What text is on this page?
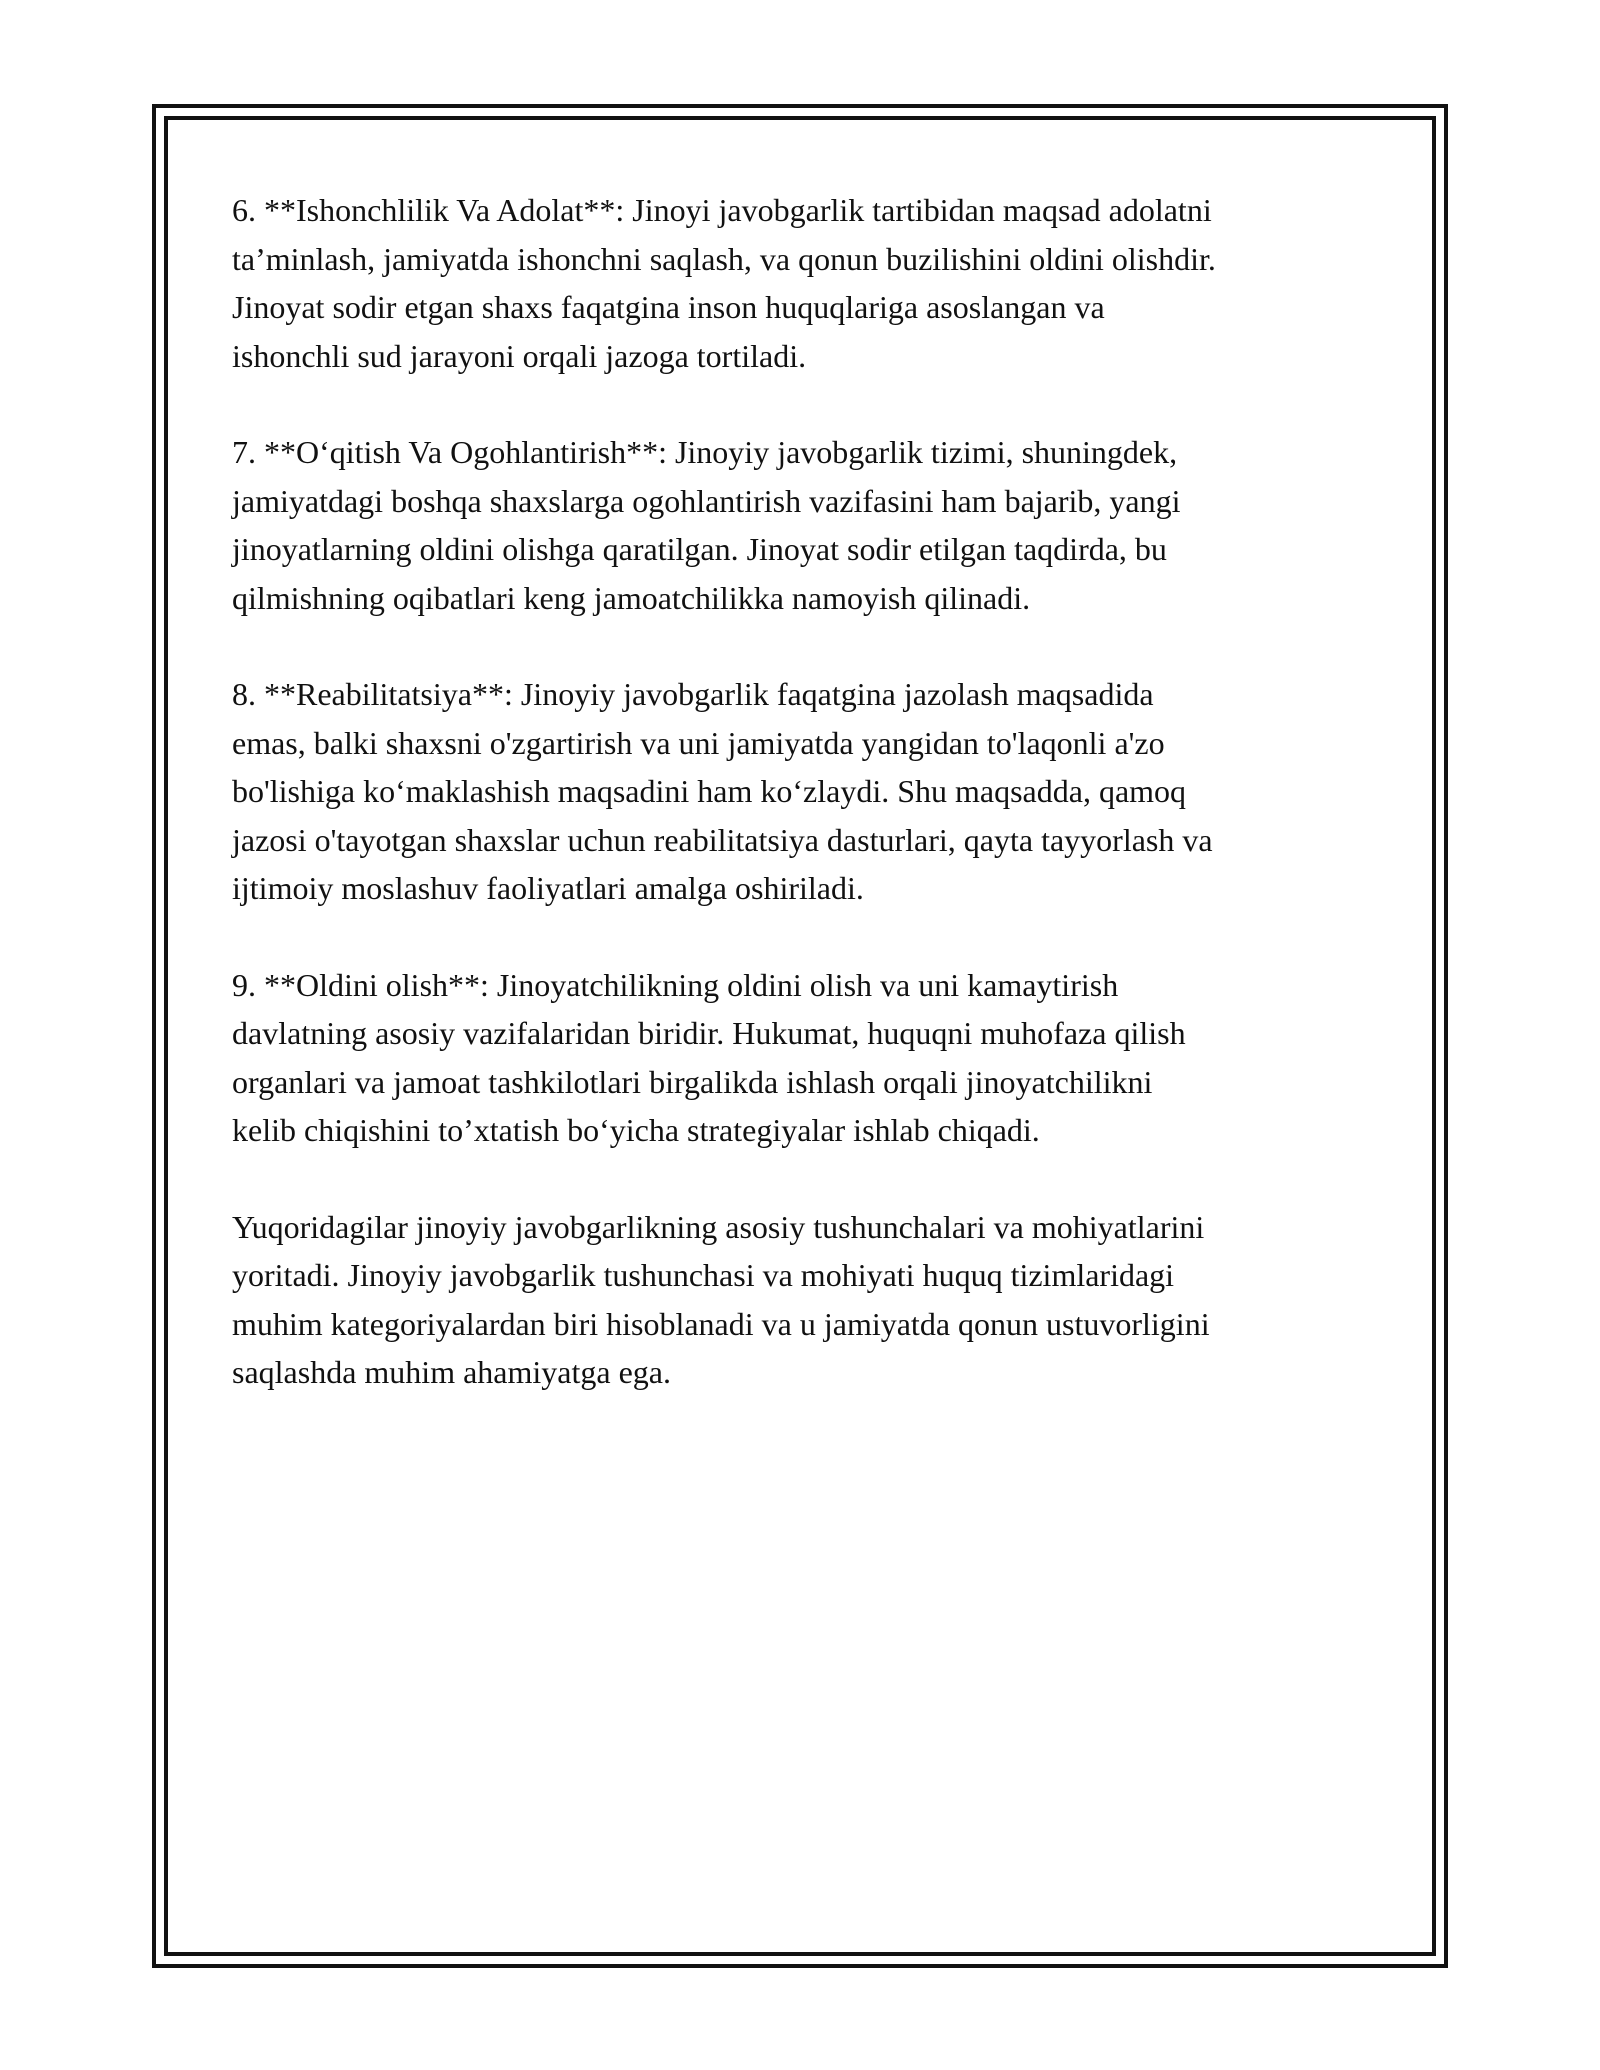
6. **Ishonchlilik Va Adolat**: Jinoyi javobgarlik tartibidan maqsad adolatni
ta’minlash, jamiyatda ishonchni saqlash, va qonun buzilishini oldini olishdir.
Jinoyat sodir etgan shaxs faqatgina inson huquqlariga asoslangan va
ishonchli sud jarayoni orqali jazoga tortiladi.

7. **Oʻqitish Va Ogohlantirish**: Jinoyiy javobgarlik tizimi, shuningdek,
jamiyatdagi boshqa shaxslarga ogohlantirish vazifasini ham bajarib, yangi
jinoyatlarning oldini olishga qaratilgan. Jinoyat sodir etilgan taqdirda, bu
qilmishning oqibatlari keng jamoatchilikka namoyish qilinadi.

8. **Reabilitatsiya**: Jinoyiy javobgarlik faqatgina jazolash maqsadida
emas, balki shaxsni o'zgartirish va uni jamiyatda yangidan to'laqonli a'zo
bo'lishiga koʻmaklashish maqsadini ham koʻzlaydi. Shu maqsadda, qamoq
jazosi o'tayotgan shaxslar uchun reabilitatsiya dasturlari, qayta tayyorlash va
ijtimoiy moslashuv faoliyatlari amalga oshiriladi.

9. **Oldini olish**: Jinoyatchilikning oldini olish va uni kamaytirish
davlatning asosiy vazifalaridan biridir. Hukumat, huquqni muhofaza qilish
organlari va jamoat tashkilotlari birgalikda ishlash orqali jinoyatchilikni
kelib chiqishini to’xtatish boʻyicha strategiyalar ishlab chiqadi.

Yuqoridagilar jinoyiy javobgarlikning asosiy tushunchalari va mohiyatlarini
yoritadi. Jinoyiy javobgarlik tushunchasi va mohiyati huquq tizimlaridagi
muhim kategoriyalardan biri hisoblanadi va u jamiyatda qonun ustuvorligini
saqlashda muhim ahamiyatga ega.
